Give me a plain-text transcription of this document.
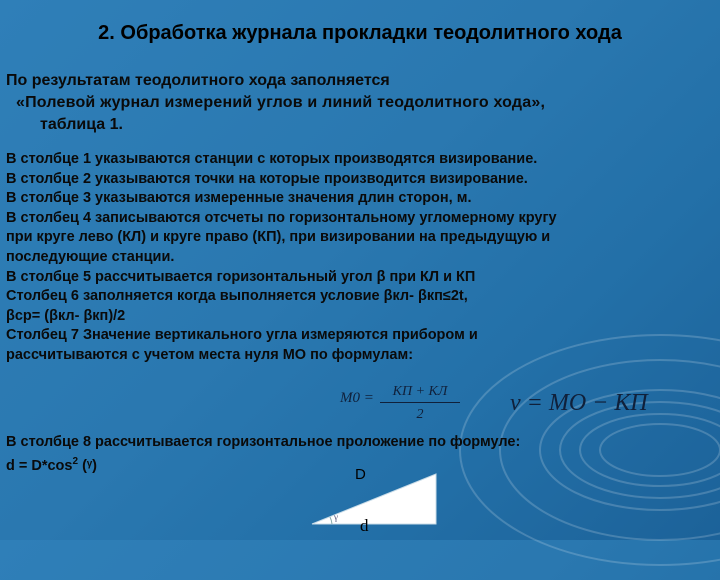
2. Обработка журнала прокладки теодолитного хода
По результатам теодолитного хода заполняется
«Полевой журнал измерений углов и линий теодолитного хода»,
таблица 1.
В столбце 1 указываются станции с которых производятся визирование.
В столбце 2 указываются точки на которые производится визирование.
В столбце 3 указываются измеренные значения длин сторон, м.
В столбец 4 записываются отсчеты по горизонтальному угломерному кругу
при круге лево (КЛ) и круге право (КП), при визировании на предыдущую и
последующие станции.
В столбце 5 рассчитывается горизонтальный угол β при КЛ и КП
Столбец 6 заполняется когда выполняется условие βкл- βкп≤2t,
βср= (βкл- βкп)/2
Столбец 7 Значение вертикального угла измеряются прибором и
рассчитываются с учетом места нуля МО по формулам:
M0 =	КП + КЛ
2	ν = MO − КП
В столбце 8 рассчитывается горизонтальное проложение по формуле:
$d = D*\cos^2$ (ᵞ)
γ
D
d
